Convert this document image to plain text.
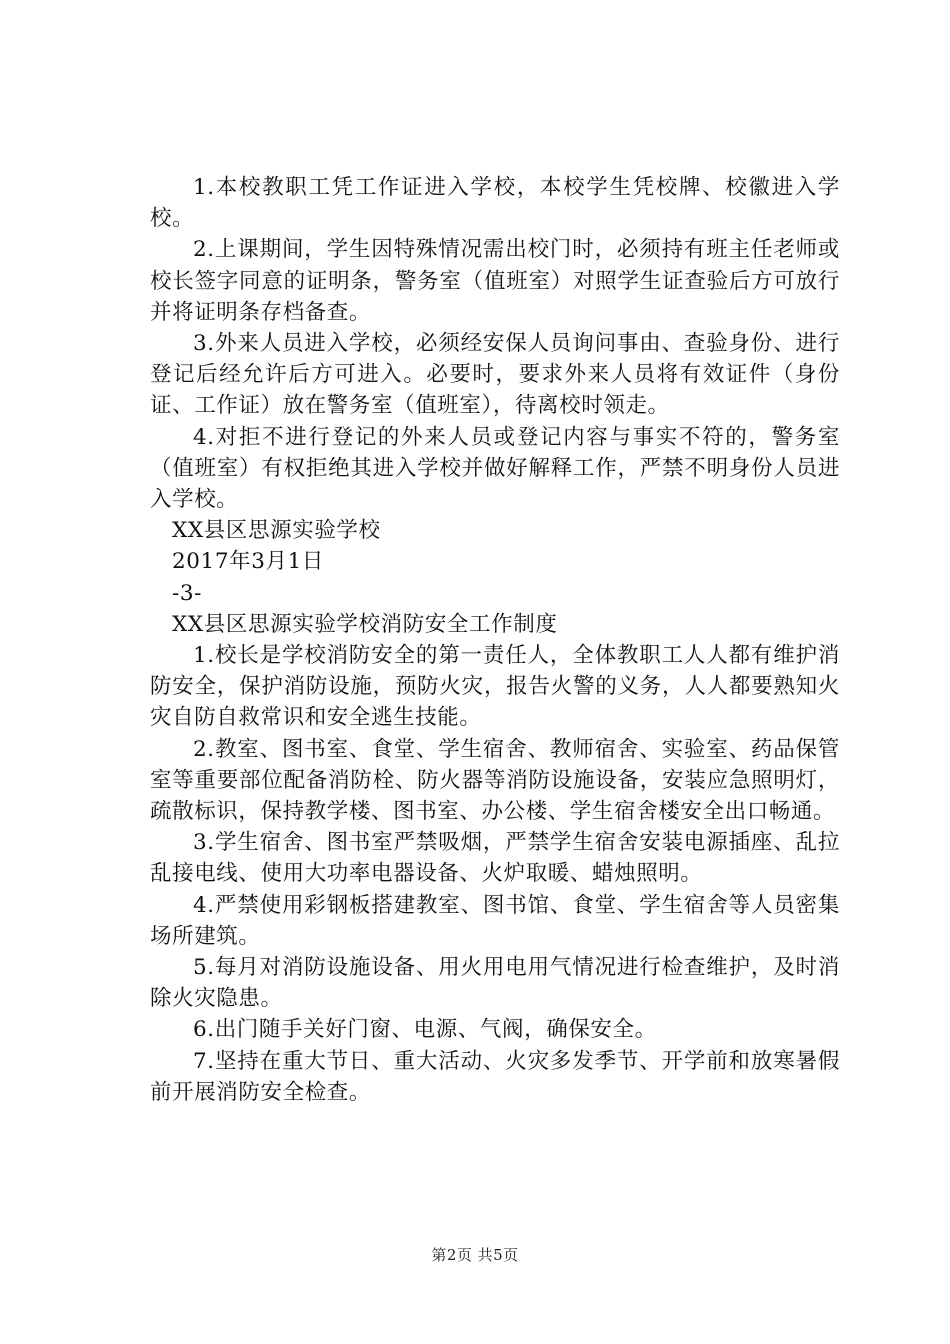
1.本校教职工凭工作证进入学校，本校学生凭校牌、校徽进入学校。

2.上课期间，学生因特殊情况需出校门时，必须持有班主任老师或校长签字同意的证明条，警务室（值班室）对照学生证查验后方可放行并将证明条存档备查。

3.外来人员进入学校，必须经安保人员询问事由、查验身份、进行登记后经允许后方可进入。必要时，要求外来人员将有效证件（身份证、工作证）放在警务室（值班室），待离校时领走。

4.对拒不进行登记的外来人员或登记内容与事实不符的，警务室（值班室）有权拒绝其进入学校并做好解释工作，严禁不明身份人员进入学校。

XX县区思源实验学校

2017年3月1日

-3-

XX县区思源实验学校消防安全工作制度

1.校长是学校消防安全的第一责任人，全体教职工人人都有维护消防安全，保护消防设施，预防火灾，报告火警的义务，人人都要熟知火灾自防自救常识和安全逃生技能。

2.教室、图书室、食堂、学生宿舍、教师宿舍、实验室、药品保管室等重要部位配备消防栓、防火器等消防设施设备，安装应急照明灯，疏散标识，保持教学楼、图书室、办公楼、学生宿舍楼安全出口畅通。

3.学生宿舍、图书室严禁吸烟，严禁学生宿舍安装电源插座、乱拉乱接电线、使用大功率电器设备、火炉取暖、蜡烛照明。

4.严禁使用彩钢板搭建教室、图书馆、食堂、学生宿舍等人员密集场所建筑。

5.每月对消防设施设备、用火用电用气情况进行检查维护，及时消除火灾隐患。

6.出门随手关好门窗、电源、气阀，确保安全。

7.坚持在重大节日、重大活动、火灾多发季节、开学前和放寒暑假前开展消防安全检查。

第2页 共5页
